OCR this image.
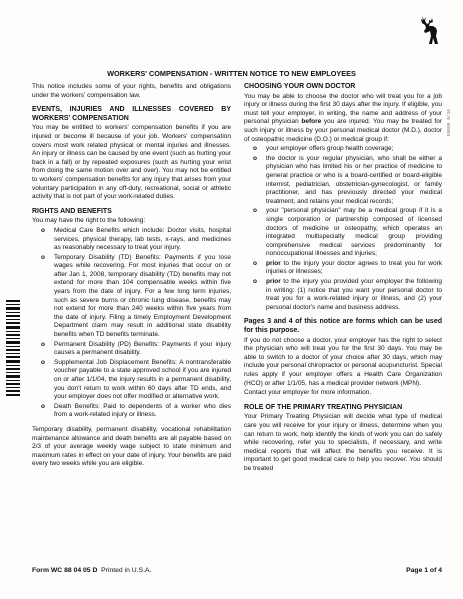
E0000 9/16
WORKERS' COMPENSATION - WRITTEN NOTICE TO NEW EMPLOYEES

This notice includes some of your rights, benefits and obligations under the workers' compensation law.

EVENTS, INJURIES AND ILLNESSES COVERED BY WORKERS' COMPENSATION

You may be entitled to workers' compensation benefits if you are injured or become ill because of your job. Workers' compensation covers most work related physical or mental injuries and illnesses. An injury or illness can be caused by one event (such as hurting your back in a fall) or by repeated exposures (such as hurting your wrist from doing the same motion over and over). You may not be entitled to workers' compensation benefits for any injury that arises from your voluntary participation in any off-duty, recreational, social or athletic activity that is not part of your work-related duties.

RIGHTS AND BENEFITS

You may have the right to the following:

o Medical Care Benefits which include: Doctor visits, hospital services, physical therapy, lab tests, x-rays, and medicines as reasonably necessary to treat your injury.
o Temporary Disability (TD) Benefits: Payments if you lose wages while recovering. For most injuries that occur on or after Jan 1, 2008, temporary disability (TD) benefits may not extend for more than 104 compensable weeks within five years from the date of injury. For a few long term injuries, such as severe burns or chronic lung disease, benefits may not extend for more than 240 weeks within five years from the date of injury. Filing a timely Employment Development Department claim may result in additional state disability benefits when TD benefits terminate.
o Permanent Disability (PD) Benefits: Payments if your injury causes a permanent disability.
o Supplemental Job Displacement Benefits: A nontransferable voucher payable to a state approved school if you are injured on or after 1/1/04, the injury results in a permanent disability, you don't return to work within 60 days after TD ends, and your employer does not offer modified or alternative work.
o Death Benefits: Paid to dependents of a worker who dies from a work-related injury or illness.

Temporary disability, permanent disability, vocational rehabilitation maintenance allowance and death benefits are all payable based on 2/3 of your average weekly wage subject to state minimum and maximum rates in effect on your date of injury. Your benefits are paid every two weeks while you are eligible.

CHOOSING YOUR OWN DOCTOR

You may be able to choose the doctor who will treat you for a job injury or illness during the first 30 days after the injury. If eligible, you must tell your employer, in writing, the name and address of your personal physician before you are injured. You may be treated for such injury or illness by your personal medical doctor (M.D.), doctor of osteopathic medicine (D.O.) or medical group if:

o your employer offers group health coverage;
o the doctor is your regular physician, who shall be either a physician who has limited his or her practice of medicine to general practice or who is a board-certified or board-eligible internist, pediatrician, obstetrician-gynecologist, or family practitioner, and has previously directed your medical treatment, and retains your medical records;
o your "personal physician" may be a medical group if it is a single corporation or partnership composed of licensed doctors of medicine or osteopathy, which operates an integrated multispecialty medical group providing comprehensive medical services predominantly for nonoccupational illnesses and injuries;
o prior to the injury your doctor agrees to treat you for work injuries or illnesses;
o prior to the injury you provided your employer the following in writing: (1) notice that you want your personal doctor to treat you for a work-related injury or illness, and (2) your personal doctor's name and business address.
Pages 3 and 4 of this notice are forms which can be used for this purpose.

If you do not choose a doctor, your employer has the right to select the physician who will treat you for the first 30 days. You may be able to switch to a doctor of your choice after 30 days, which may include your personal chiropractor or personal acupuncturist. Special rules apply if your employer offers a Health Care Organization (HCO) or after 1/1/05, has a medical provider network (MPN).

Contact your employer for more information.

ROLE OF THE PRIMARY TREATING PHYSICIAN

Your Primary Treating Physician will decide what type of medical care you will receive for your injury or illness, determine when you can return to work, help identify the kinds of work you can do safely while recovering, refer you to specialists, if necessary, and write medical reports that will affect the benefits you receive. It is important to get good medical care to help you recover. You should be treated

Form WC 88 04 05 D Printed in U.S.A.	Page 1 of 4
